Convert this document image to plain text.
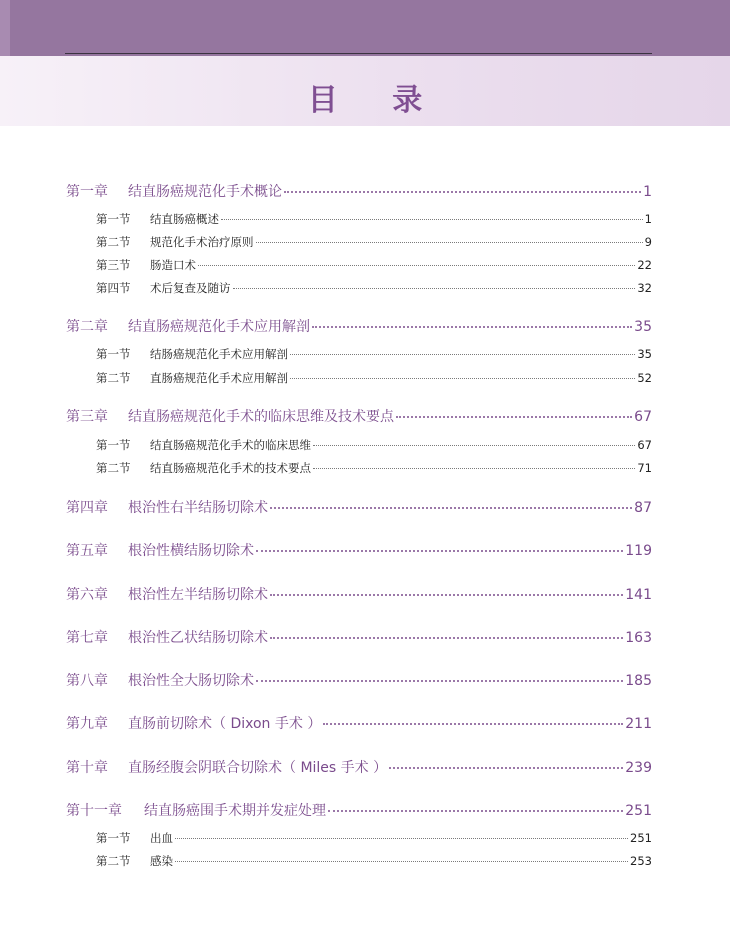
目 录
第一章	结直肠癌规范化手术概论	1
第一节	结直肠癌概述	1
第二节	规范化手术治疗原则	9
第三节	肠造口术	22
第四节	术后复查及随访	32
第二章	结直肠癌规范化手术应用解剖	35
第一节	结肠癌规范化手术应用解剖	35
第二节	直肠癌规范化手术应用解剖	52
第三章	结直肠癌规范化手术的临床思维及技术要点	67
第一节	结直肠癌规范化手术的临床思维	67
第二节	结直肠癌规范化手术的技术要点	71
第四章	根治性右半结肠切除术	87
第五章	根治性横结肠切除术	119
第六章	根治性左半结肠切除术	141
第七章	根治性乙状结肠切除术	163
第八章	根治性全大肠切除术	185
第九章	直肠前切除术（ Dixon 手术 ）	211
第十章	直肠经腹会阴联合切除术（ Miles 手术 ）	239
第十一章	结直肠癌围手术期并发症处理	251
第一节	出血	251
第二节	感染	253
